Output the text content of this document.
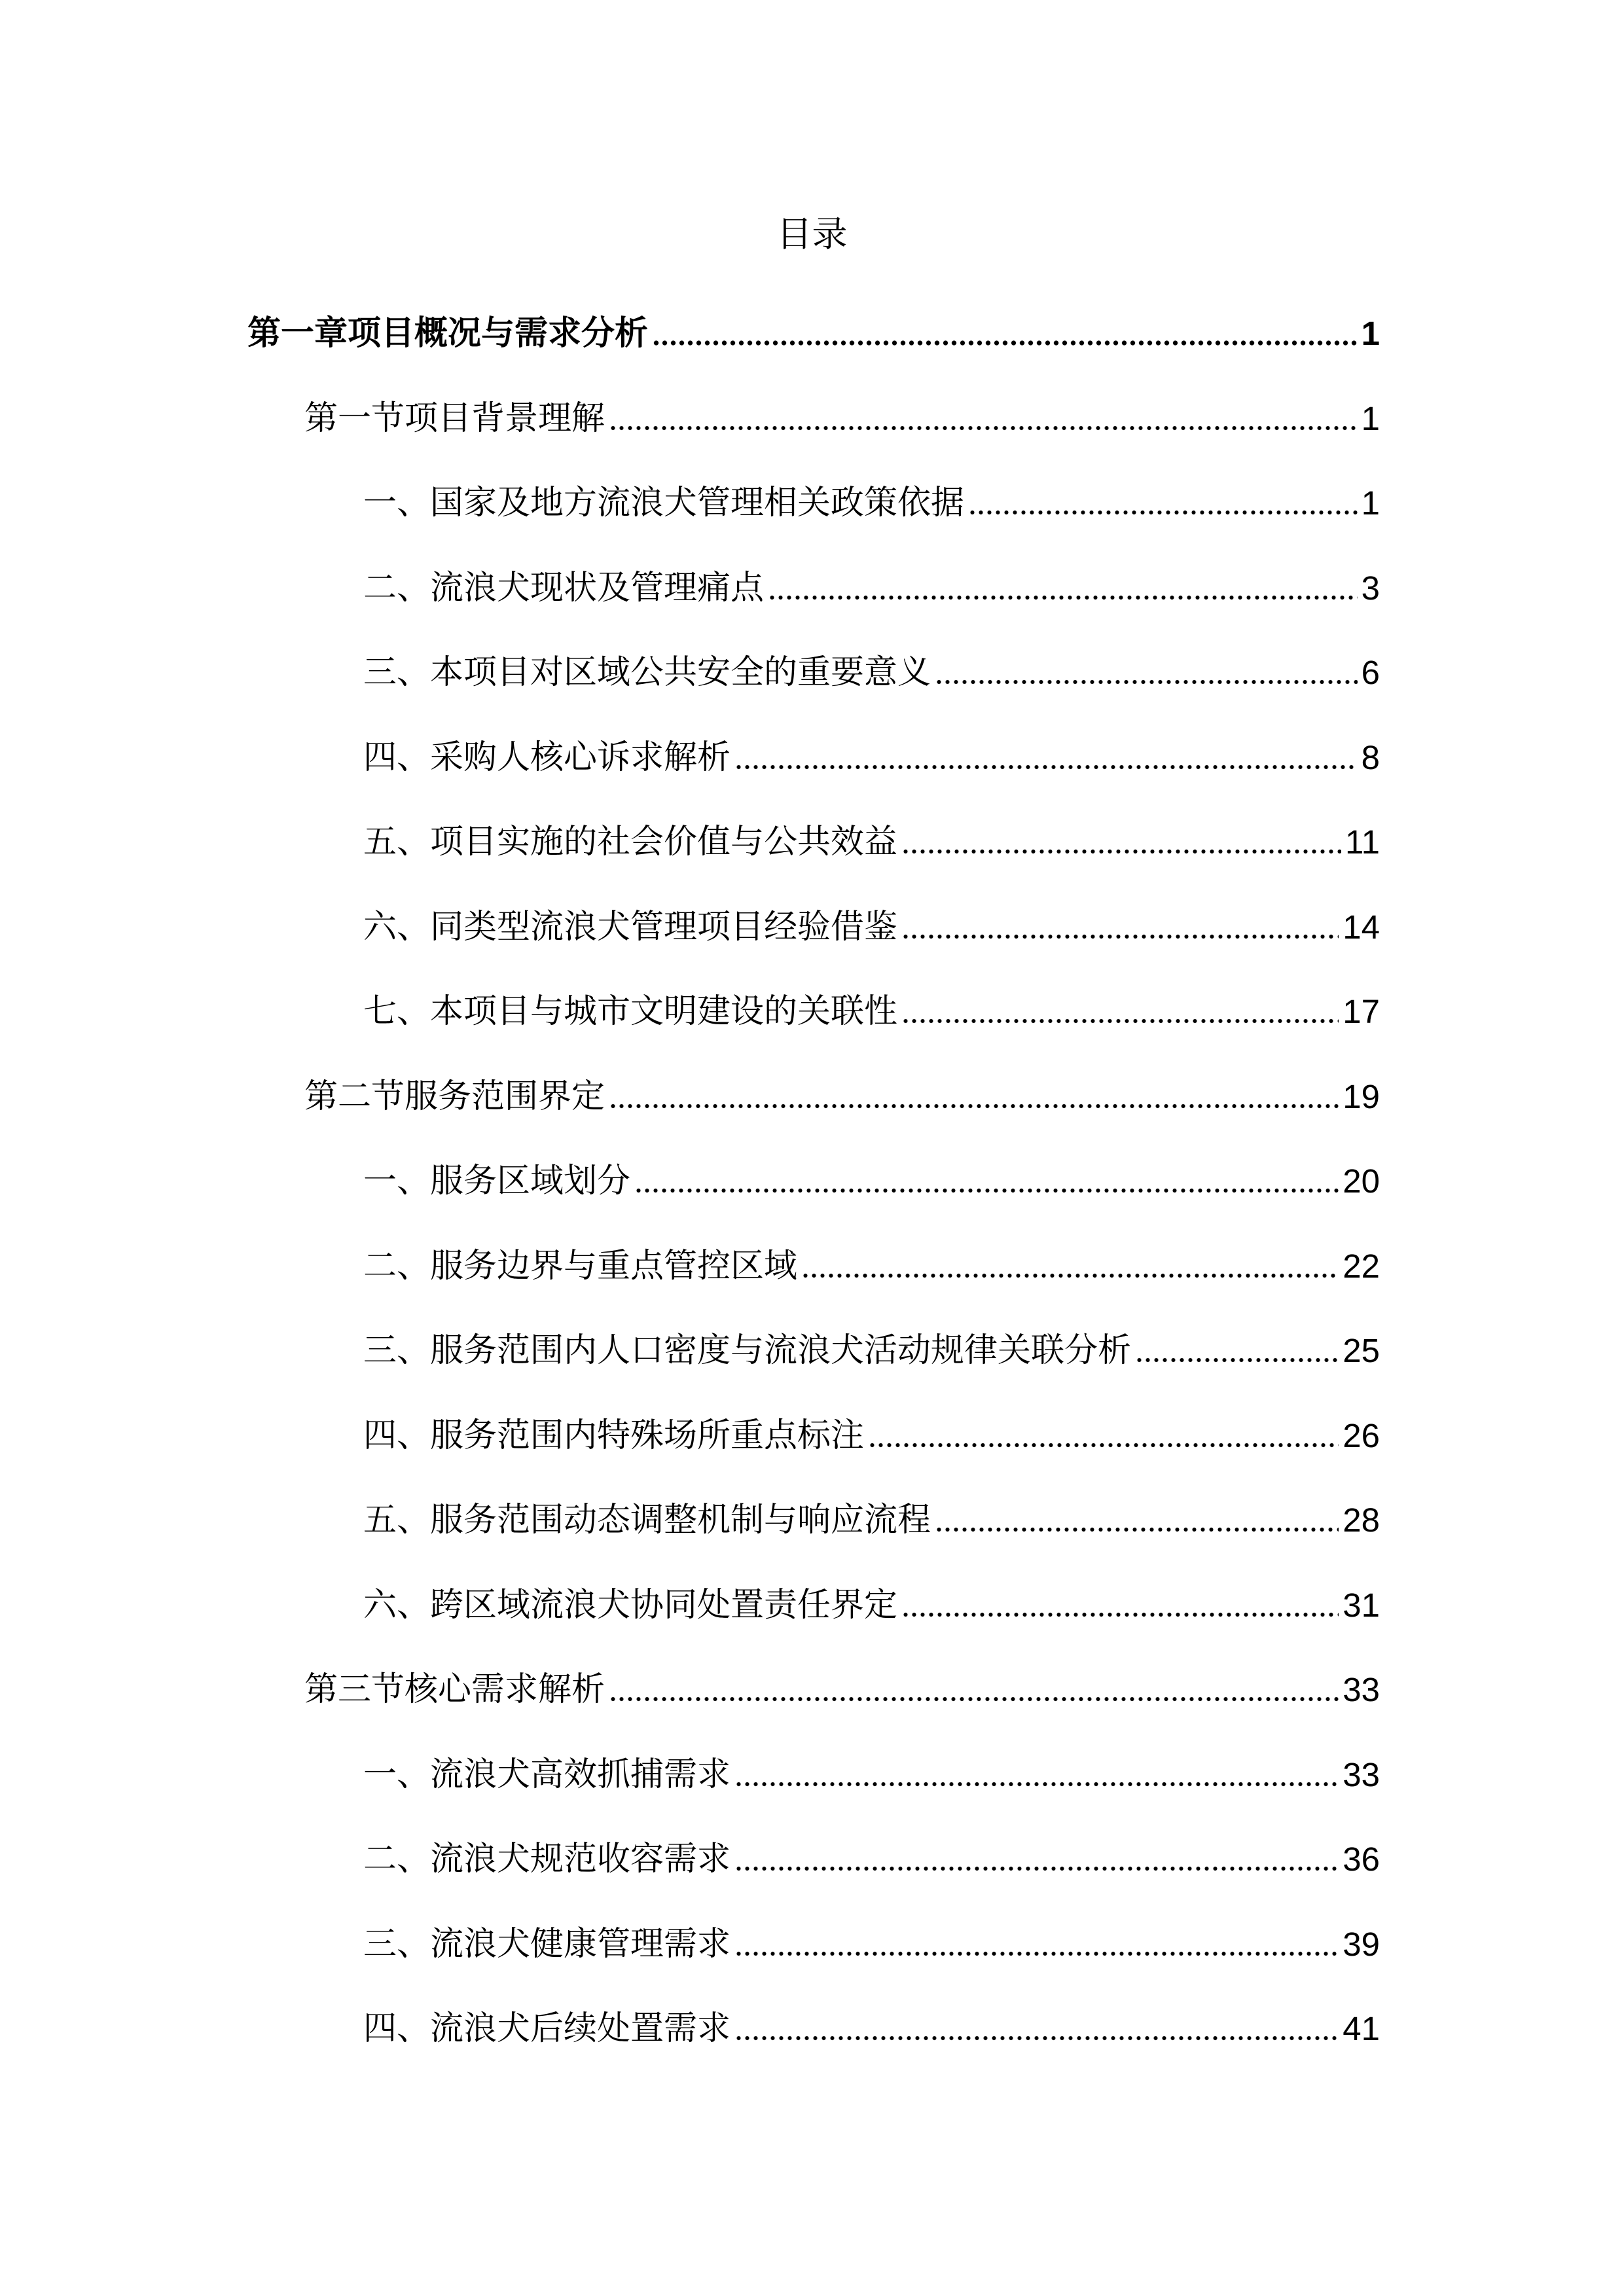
目录
第一章项目概况与需求分析	1
第一节项目背景理解	1
一、国家及地方流浪犬管理相关政策依据	1
二、流浪犬现状及管理痛点	3
三、本项目对区域公共安全的重要意义	6
四、采购人核心诉求解析	8
五、项目实施的社会价值与公共效益	11
六、同类型流浪犬管理项目经验借鉴	14
七、本项目与城市文明建设的关联性	17
第二节服务范围界定	19
一、服务区域划分	20
二、服务边界与重点管控区域	22
三、服务范围内人口密度与流浪犬活动规律关联分析	25
四、服务范围内特殊场所重点标注	26
五、服务范围动态调整机制与响应流程	28
六、跨区域流浪犬协同处置责任界定	31
第三节核心需求解析	33
一、流浪犬高效抓捕需求	33
二、流浪犬规范收容需求	36
三、流浪犬健康管理需求	39
四、流浪犬后续处置需求	41
